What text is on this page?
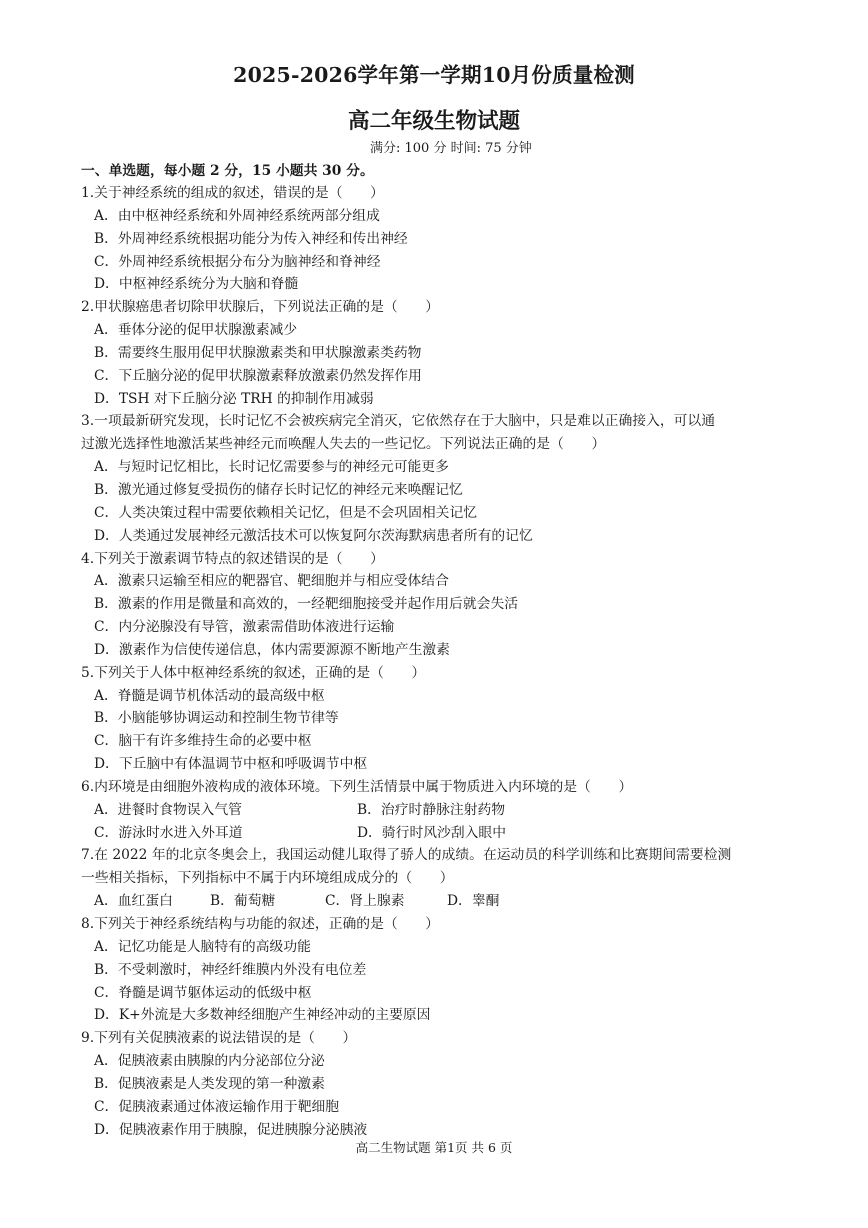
2025-2026学年第一学期10月份质量检测
高二年级生物试题
满分: 100 分 时间: 75 分钟
一、单选题，每小题 2 分，15 小题共 30 分。
1.关于神经系统的组成的叙述，错误的是（　　）
A．由中枢神经系统和外周神经系统两部分组成
B．外周神经系统根据功能分为传入神经和传出神经
C．外周神经系统根据分布分为脑神经和脊神经
D．中枢神经系统分为大脑和脊髓
2.甲状腺癌患者切除甲状腺后，下列说法正确的是（　　）
A．垂体分泌的促甲状腺激素减少
B．需要终生服用促甲状腺激素类和甲状腺激素类药物
C．下丘脑分泌的促甲状腺激素释放激素仍然发挥作用
D．TSH 对下丘脑分泌 TRH 的抑制作用减弱
3.一项最新研究发现，长时记忆不会被疾病完全消灭，它依然存在于大脑中，只是难以正确接入，可以通
过激光选择性地激活某些神经元而唤醒人失去的一些记忆。下列说法正确的是（　　）
A．与短时记忆相比，长时记忆需要参与的神经元可能更多
B．激光通过修复受损伤的储存长时记忆的神经元来唤醒记忆
C．人类决策过程中需要依赖相关记忆，但是不会巩固相关记忆
D．人类通过发展神经元激活技术可以恢复阿尔茨海默病患者所有的记忆
4.下列关于激素调节特点的叙述错误的是（　　）
A．激素只运输至相应的靶器官、靶细胞并与相应受体结合
B．激素的作用是微量和高效的，一经靶细胞接受并起作用后就会失活
C．内分泌腺没有导管，激素需借助体液进行运输
D．激素作为信使传递信息，体内需要源源不断地产生激素
5.下列关于人体中枢神经系统的叙述，正确的是（　　）
A．脊髓是调节机体活动的最高级中枢
B．小脑能够协调运动和控制生物节律等
C．脑干有许多维持生命的必要中枢
D．下丘脑中有体温调节中枢和呼吸调节中枢
6.内环境是由细胞外液构成的液体环境。下列生活情景中属于物质进入内环境的是（　　）
A．进餐时食物误入气管	B．治疗时静脉注射药物
C．游泳时水进入外耳道	D．骑行时风沙刮入眼中
7.在 2022 年的北京冬奥会上，我国运动健儿取得了骄人的成绩。在运动员的科学训练和比赛期间需要检测
一些相关指标，下列指标中不属于内环境组成成分的（　　）
A．血红蛋白	B．葡萄糖	C．肾上腺素	D．睾酮
8.下列关于神经系统结构与功能的叙述，正确的是（　　）
A．记忆功能是人脑特有的高级功能
B．不受刺激时，神经纤维膜内外没有电位差
C．脊髓是调节躯体运动的低级中枢
D．K+外流是大多数神经细胞产生神经冲动的主要原因
9.下列有关促胰液素的说法错误的是（　　）
A．促胰液素由胰腺的内分泌部位分泌
B．促胰液素是人类发现的第一种激素
C．促胰液素通过体液运输作用于靶细胞
D．促胰液素作用于胰腺，促进胰腺分泌胰液
高二生物试题 第1页 共 6 页
